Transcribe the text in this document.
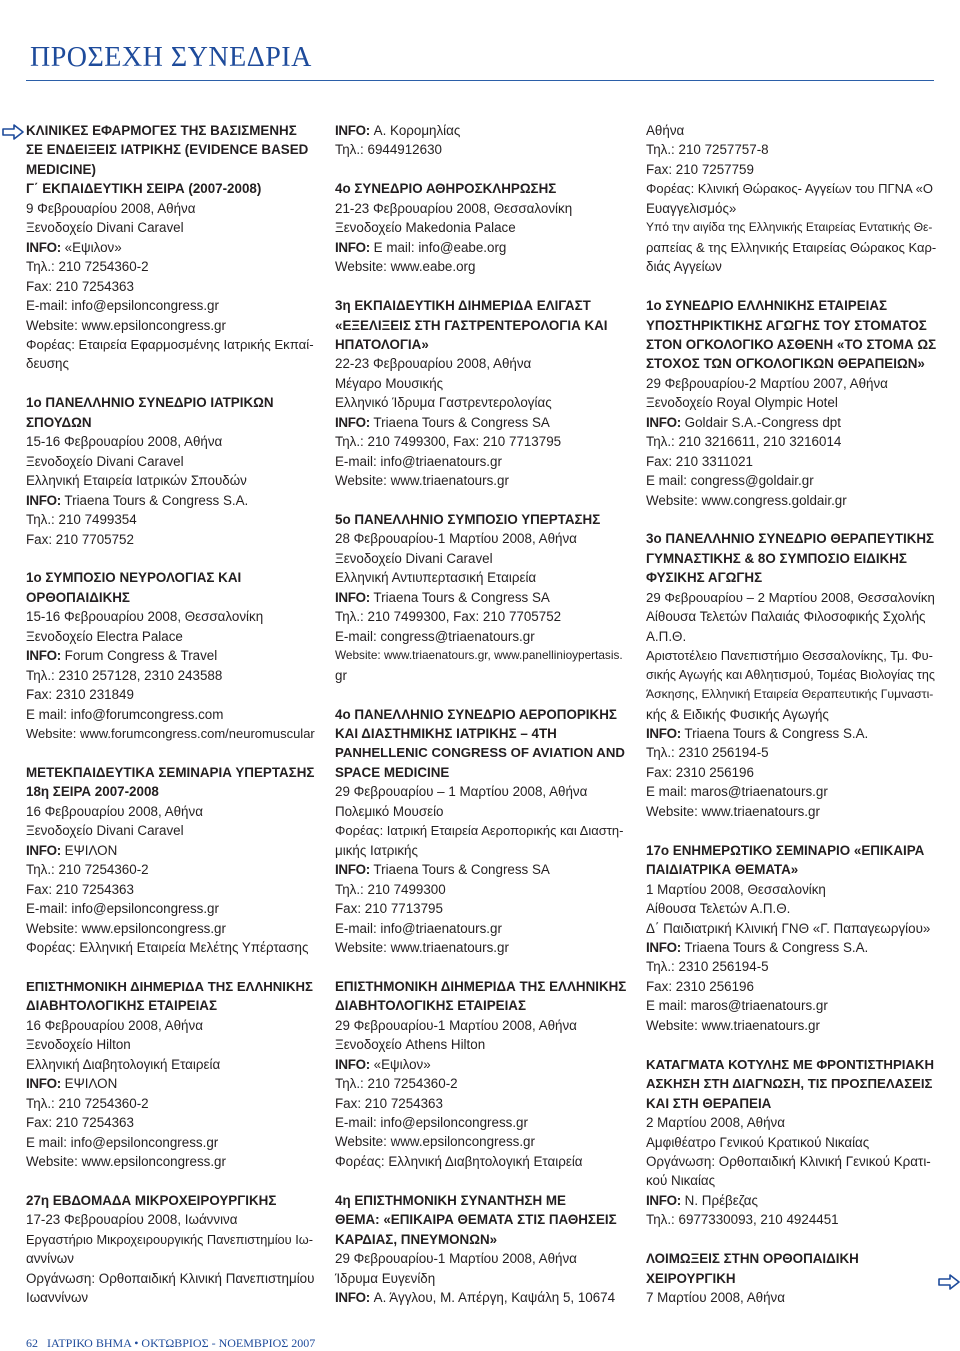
ΠΡΟΣΕΧΗ ΣΥΝΕΔΡΙΑ
ΚΛΙΝΙΚΕΣ ΕΦΑΡΜΟΓΕΣ ΤΗΣ ΒΑΣΙΣΜΕΝΗΣ
ΣΕ ΕΝΔΕΙΞΕΙΣ ΙΑΤΡΙΚΗΣ (EVIDENCE BASED
MEDICINE)
Γ΄ ΕΚΠΑΙΔΕΥΤΙΚΗ ΣΕΙΡΑ (2007-2008)
9 Φεβρουαρίου 2008, Αθήνα
Ξενοδοχείο Divani Caravel
INFO: «Εψιλον»
Τηλ.: 210 7254360-2
Fax: 210 7254363
E-mail: info@epsiloncongress.gr
Website: www.epsiloncongress.gr
Φορέας: Εταιρεία Εφαρμοσμένης Ιατρικής Εκπαί-
δευσης
1ο ΠΑΝΕΛΛΗΝΙΟ ΣΥΝΕΔΡΙΟ ΙΑΤΡΙΚΩΝ
ΣΠΟΥΔΩΝ
15-16 Φεβρουαρίου 2008, Αθήνα
Ξενοδοχείο Divani Caravel
Ελληνική Εταιρεία Ιατρικών Σπουδών
INFO: Triaena Tours & Congress S.A.
Τηλ.: 210 7499354
Fax: 210 7705752
1ο ΣΥΜΠΟΣΙΟ ΝΕΥΡΟΛΟΓΙΑΣ ΚΑΙ
ΟΡΘΟΠΑΙΔΙΚΗΣ
15-16 Φεβρουαρίου 2008, Θεσσαλονίκη
Ξενοδοχείο Electra Palace
INFO: Forum Congress & Travel
Τηλ.: 2310 257128, 2310 243588
Fax: 2310 231849
E mail: info@forumcongress.com
Website: www.forumcongress.com/neuromuscular
ΜΕΤΕΚΠΑΙΔΕΥΤΙΚΑ ΣΕΜΙΝΑΡΙΑ ΥΠΕΡΤΑΣΗΣ
18η ΣΕΙΡΑ 2007-2008
16 Φεβρουαρίου 2008, Αθήνα
Ξενοδοχείο Divani Caravel
INFO: ΕΨΙΛΟΝ
Τηλ.: 210 7254360-2
Fax: 210 7254363
E-mail: info@epsiloncongress.gr
Website: www.epsiloncongress.gr
Φορέας: Ελληνική Εταιρεία Μελέτης Υπέρτασης
ΕΠΙΣΤΗΜΟΝΙΚΗ ΔΙΗΜΕΡΙΔΑ ΤΗΣ ΕΛΛΗΝΙΚΗΣ
ΔΙΑΒΗΤΟΛΟΓΙΚΗΣ ΕΤΑΙΡΕΙΑΣ
16 Φεβρουαρίου 2008, Αθήνα
Ξενοδοχείο Hilton
Ελληνική Διαβητολογική Εταιρεία
INFO: ΕΨΙΛΟΝ
Τηλ.: 210 7254360-2
Fax: 210 7254363
E mail: info@epsiloncongress.gr
Website: www.epsiloncongress.gr
27η ΕΒΔΟΜΑΔΑ ΜΙΚΡΟΧΕΙΡΟΥΡΓΙΚΗΣ
17-23 Φεβρουαρίου 2008, Ιωάννινα
Εργαστήριο Μικροχειρουργικής Πανεπιστημίου Ιω-
αννίνων
Οργάνωση: Ορθοπαιδική Κλινική Πανεπιστημίου
Ιωαννίνων
INFO: Α. Κορομηλίας
Τηλ.: 6944912630
4ο ΣΥΝΕΔΡΙΟ ΑΘΗΡΟΣΚΛΗΡΩΣΗΣ
21-23 Φεβρουαρίου 2008, Θεσσαλονίκη
Ξενοδοχείο Makedonia Palace
INFO: E mail: info@eabe.org
Website: www.eabe.org
3η ΕΚΠΑΙΔΕΥΤΙΚΗ ΔΙΗΜΕΡΙΔΑ ΕΛΙΓΑΣΤ
«ΕΞΕΛΙΞΕΙΣ ΣΤΗ ΓΑΣΤΡΕΝΤΕΡΟΛΟΓΙΑ ΚΑΙ
ΗΠΑΤΟΛΟΓΙΑ»
22-23 Φεβρουαρίου 2008, Αθήνα
Μέγαρο Μουσικής
Ελληνικό Ίδρυμα Γαστρεντερολογίας
INFO: Triaena Tours & Congress SA
Τηλ.: 210 7499300, Fax: 210 7713795
E-mail: info@triaenatours.gr
Website: www.triaenatours.gr
5ο ΠΑΝΕΛΛΗΝΙΟ ΣΥΜΠΟΣΙΟ ΥΠΕΡΤΑΣΗΣ
28 Φεβρουαρίου-1 Μαρτίου 2008, Αθήνα
Ξενοδοχείο Divani Caravel
Ελληνική Αντιυπερτασική Εταιρεία
INFO: Triaena Tours & Congress SA
Τηλ.: 210 7499300, Fax: 210 7705752
E-mail: congress@triaenatours.gr
Website: www.triaenatours.gr, www.panellinioypertasis.
gr
4ο ΠΑΝΕΛΛΗΝΙΟ ΣΥΝΕΔΡΙΟ ΑΕΡΟΠΟΡΙΚΗΣ
ΚΑΙ ΔΙΑΣΤΗΜΙΚΗΣ ΙΑΤΡΙΚΗΣ – 4TH
PANHELLENIC CONGRESS OF AVIATION AND
SPACE MEDICINE
29 Φεβρουαρίου – 1 Μαρτίου 2008, Αθήνα
Πολεμικό Μουσείο
Φορέας: Ιατρική Εταιρεία Αεροπορικής και Διαστη-
μικής Ιατρικής
INFO: Triaena Tours & Congress SA
Τηλ.: 210 7499300
Fax: 210 7713795
E-mail: info@triaenatours.gr
Website: www.triaenatours.gr
ΕΠΙΣΤΗΜΟΝΙΚΗ ΔΙΗΜΕΡΙΔΑ ΤΗΣ ΕΛΛΗΝΙΚΗΣ
ΔΙΑΒΗΤΟΛΟΓΙΚΗΣ ΕΤΑΙΡΕΙΑΣ
29 Φεβρουαρίου-1 Μαρτίου 2008, Αθήνα
Ξενοδοχείο Athens Hilton
INFO: «Εψιλον»
Τηλ.: 210 7254360-2
Fax: 210 7254363
E-mail: info@epsiloncongress.gr
Website: www.epsiloncongress.gr
Φορέας: Ελληνική Διαβητολογική Εταιρεία
4η ΕΠΙΣΤΗΜΟΝΙΚΗ ΣΥΝΑΝΤΗΣΗ ΜΕ
ΘΕΜΑ: «ΕΠΙΚΑΙΡΑ ΘΕΜΑΤΑ ΣΤΙΣ ΠΑΘΗΣΕΙΣ
ΚΑΡΔΙΑΣ, ΠΝΕΥΜΟΝΩΝ»
29 Φεβρουαρίου-1 Μαρτίου 2008, Αθήνα
Ίδρυμα Ευγενίδη
INFO: Α. Άγγλου, Μ. Απέργη, Καψάλη 5, 10674
Αθήνα
Τηλ.: 210 7257757-8
Fax: 210 7257759
Φορέας: Κλινική Θώρακος- Αγγείων του ΠΓΝΑ «Ο
Ευαγγελισμός»
Υπό την αιγίδα της Ελληνικής Εταιρείας Εντατικής Θε-
ραπείας & της Ελληνικής Εταιρείας Θώρακος Καρ-
διάς Αγγείων
1ο ΣΥΝΕΔΡΙΟ ΕΛΛΗΝΙΚΗΣ ΕΤΑΙΡΕΙΑΣ
ΥΠΟΣΤΗΡΙΚΤΙΚΗΣ ΑΓΩΓΗΣ ΤΟΥ ΣΤΟΜΑΤΟΣ
ΣΤΟΝ ΟΓΚΟΛΟΓΙΚΟ ΑΣΘΕΝΗ «ΤΟ ΣΤΟΜΑ ΩΣ
ΣΤΟΧΟΣ ΤΩΝ ΟΓΚΟΛΟΓΙΚΩΝ ΘΕΡΑΠΕΙΩΝ»
29 Φεβρουαρίου-2 Μαρτίου 2007, Αθήνα
Ξενοδοχείο Royal Olympic Hotel
INFO: Goldair S.A.-Congress dpt
Τηλ.: 210 3216611, 210 3216014
Fax: 210 3311021
E mail: congress@goldair.gr
Website: www.congress.goldair.gr
3ο ΠΑΝΕΛΛΗΝΙΟ ΣΥΝΕΔΡΙΟ ΘΕΡΑΠΕΥΤΙΚΗΣ
ΓΥΜΝΑΣΤΙΚΗΣ & 8Ο ΣΥΜΠΟΣΙΟ ΕΙΔΙΚΗΣ
ΦΥΣΙΚΗΣ ΑΓΩΓΗΣ
29 Φεβρουαρίου – 2 Μαρτίου 2008, Θεσσαλονίκη
Αίθουσα Τελετών Παλαιάς Φιλοσοφικής Σχολής
Α.Π.Θ.
Αριστοτέλειο Πανεπιστήμιο Θεσσαλονίκης, Τμ. Φυ-
σικής Αγωγής και Αθλητισμού, Τομέας Βιολογίας της
Άσκησης, Ελληνική Εταιρεία Θεραπευτικής Γυμναστι-
κής & Ειδικής Φυσικής Αγωγής
INFO: Triaena Tours & Congress S.A.
Τηλ.: 2310 256194-5
Fax: 2310 256196
E mail: maros@triaenatours.gr
Website: www.triaenatours.gr
17ο ΕΝΗΜΕΡΩΤΙΚΟ ΣΕΜΙΝΑΡΙΟ «ΕΠΙΚΑΙΡΑ
ΠΑΙΔΙΑΤΡΙΚΑ ΘΕΜΑΤΑ»
1 Μαρτίου 2008, Θεσσαλονίκη
Αίθουσα Τελετών Α.Π.Θ.
Δ΄ Παιδιατρική Κλινική ΓΝΘ «Γ. Παπαγεωργίου»
INFO: Triaena Tours & Congress S.A.
Τηλ.: 2310 256194-5
Fax: 2310 256196
E mail: maros@triaenatours.gr
Website: www.triaenatours.gr
ΚΑΤΑΓΜΑΤΑ ΚΟΤΥΛΗΣ ΜΕ ΦΡΟΝΤΙΣΤΗΡΙΑΚΗ
ΑΣΚΗΣΗ ΣΤΗ ΔΙΑΓΝΩΣΗ, ΤΙΣ ΠΡΟΣΠΕΛΑΣΕΙΣ
ΚΑΙ ΣΤΗ ΘΕΡΑΠΕΙΑ
2 Μαρτίου 2008, Αθήνα
Αμφιθέατρο Γενικού Κρατικού Νικαίας
Οργάνωση: Ορθοπαιδική Κλινική Γενικού Κρατι-
κού Νικαίας
INFO: Ν. Πρέβεζας
Τηλ.: 6977330093, 210 4924451
ΛΟΙΜΩΞΕΙΣ ΣΤΗΝ ΟΡΘΟΠΑΙΔΙΚΗ
ΧΕΙΡΟΥΡΓΙΚΗ
7 Μαρτίου 2008, Αθήνα
62 ΙΑΤΡΙΚΟ ΒΗΜΑ • ΟΚΤΩΒΡΙΟΣ - ΝΟΕΜΒΡΙΟΣ 2007
